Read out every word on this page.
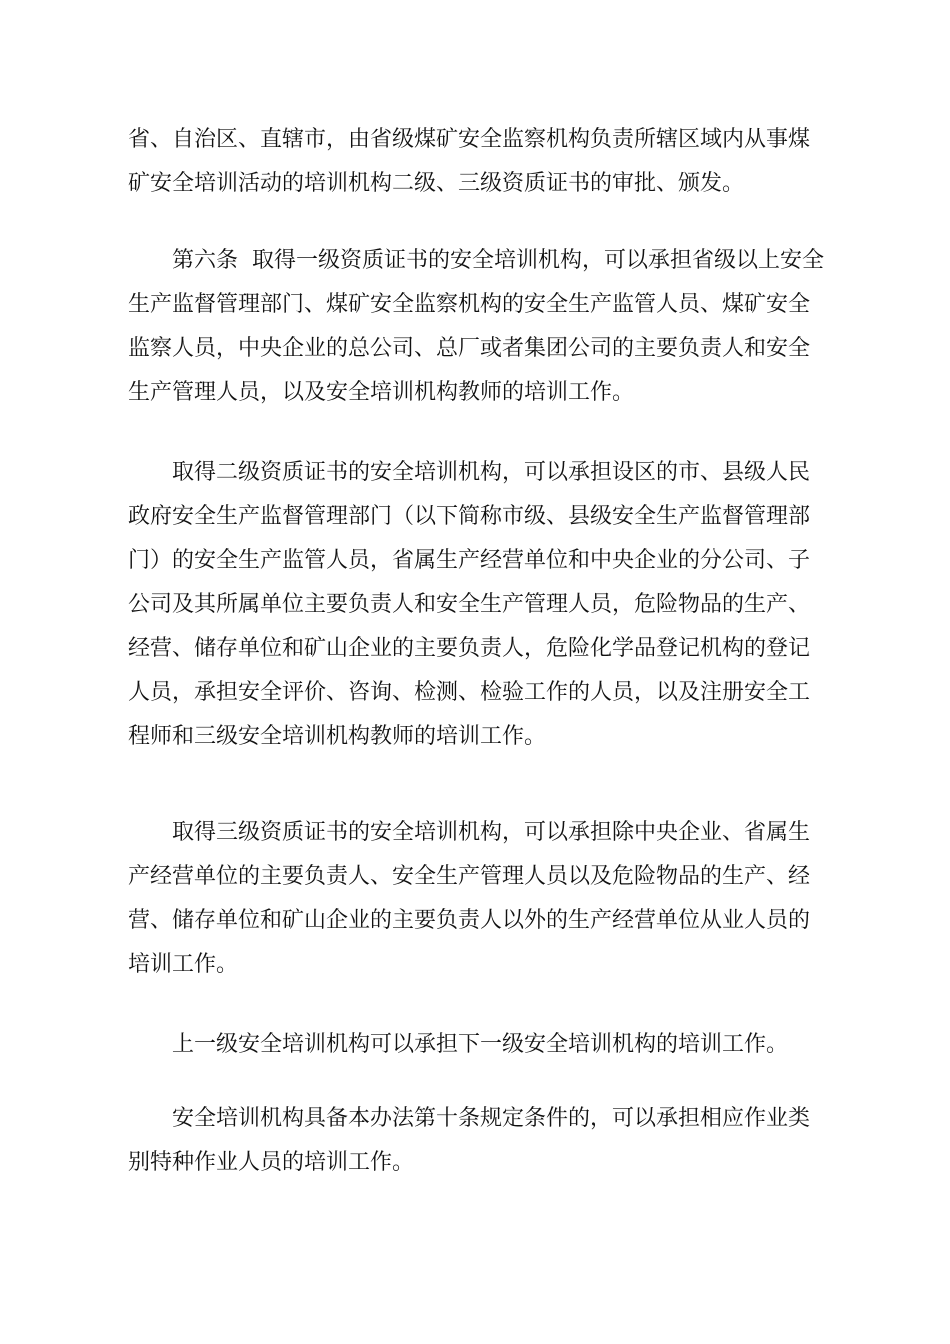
省、自治区、直辖市，由省级煤矿安全监察机构负责所辖区域内从事煤
矿安全培训活动的培训机构二级、三级资质证书的审批、颁发。
第六条  取得一级资质证书的安全培训机构，可以承担省级以上安全
生产监督管理部门、煤矿安全监察机构的安全生产监管人员、煤矿安全
监察人员，中央企业的总公司、总厂或者集团公司的主要负责人和安全
生产管理人员，以及安全培训机构教师的培训工作。
取得二级资质证书的安全培训机构，可以承担设区的市、县级人民
政府安全生产监督管理部门（以下简称市级、县级安全生产监督管理部
门）的安全生产监管人员，省属生产经营单位和中央企业的分公司、子
公司及其所属单位主要负责人和安全生产管理人员，危险物品的生产、
经营、储存单位和矿山企业的主要负责人，危险化学品登记机构的登记
人员，承担安全评价、咨询、检测、检验工作的人员，以及注册安全工
程师和三级安全培训机构教师的培训工作。
取得三级资质证书的安全培训机构，可以承担除中央企业、省属生
产经营单位的主要负责人、安全生产管理人员以及危险物品的生产、经
营、储存单位和矿山企业的主要负责人以外的生产经营单位从业人员的
培训工作。
上一级安全培训机构可以承担下一级安全培训机构的培训工作。
安全培训机构具备本办法第十条规定条件的，可以承担相应作业类
别特种作业人员的培训工作。
